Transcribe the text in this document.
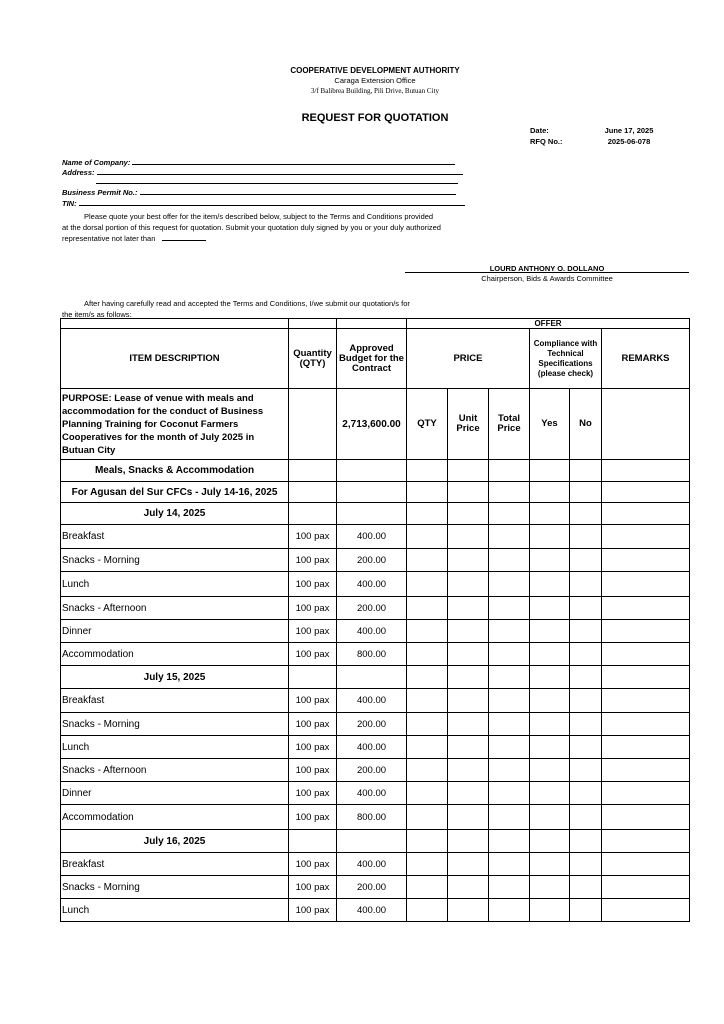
COOPERATIVE DEVELOPMENT AUTHORITY
Caraga Extension Office
3/f Balibrea Building, Pili Drive, Butuan City
REQUEST FOR QUOTATION
Date:	June 17, 2025
RFQ No.:	2025-06-078
Name of Company:
Address:
Business Permit No.:
TIN:
Please quote your best offer for the item/s described below, subject to the Terms and Conditions provided
at the dorsal portion of this request for quotation. Submit your quotation duly signed by you or your duly authorized
representative not later than
LOURD ANTHONY O. DOLLANO
Chairperson, Bids & Awards Committee
After having carefully read and accepted the Terms and Conditions, I/we submit our quotation/s for
the item/s as follows:
			OFFER					
ITEM DESCRIPTION	Quantity (QTY)	Approved Budget for the Contract	PRICE			Compliance with Technical Specifications (please check)		REMARKS
PURPOSE: Lease of venue with meals and accommodation for the conduct of Business Planning Training for Coconut Farmers Cooperatives for the month of July 2025 in Butuan City		2,713,600.00	QTY	Unit Price	Total Price	Yes	No	
Meals, Snacks & Accommodation								
For Agusan del Sur CFCs - July 14-16, 2025								
July 14, 2025								
Breakfast	100 pax	400.00						
Snacks - Morning	100 pax	200.00						
Lunch	100 pax	400.00						
Snacks - Afternoon	100 pax	200.00						
Dinner	100 pax	400.00						
Accommodation	100 pax	800.00						
July 15, 2025								
Breakfast	100 pax	400.00						
Snacks - Morning	100 pax	200.00						
Lunch	100 pax	400.00						
Snacks - Afternoon	100 pax	200.00						
Dinner	100 pax	400.00						
Accommodation	100 pax	800.00						
July 16, 2025								
Breakfast	100 pax	400.00						
Snacks - Morning	100 pax	200.00						
Lunch	100 pax	400.00						
